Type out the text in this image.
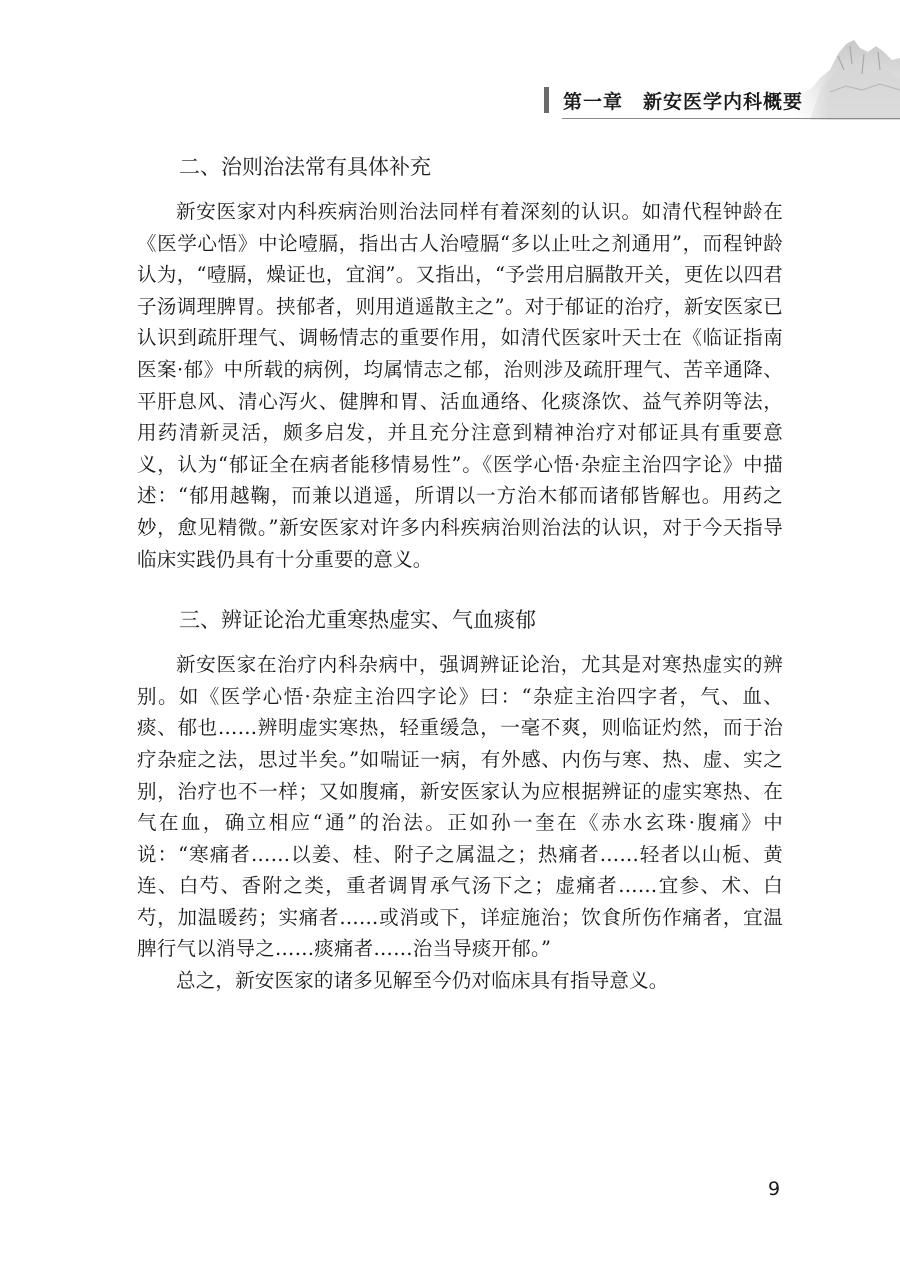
第一章　新安医学内科概要
二、治则治法常有具体补充

新安医家对内科疾病治则治法同样有着深刻的认识。如清代程钟龄在《医学心悟》中论噎膈，指出古人治噎膈“多以止吐之剂通用”，而程钟龄认为，“噎膈，燥证也，宜润”。又指出，“予尝用启膈散开关，更佐以四君子汤调理脾胃。挟郁者，则用逍遥散主之”。对于郁证的治疗，新安医家已认识到疏肝理气、调畅情志的重要作用，如清代医家叶天士在《临证指南医案·郁》中所载的病例，均属情志之郁，治则涉及疏肝理气、苦辛通降、平肝息风、清心泻火、健脾和胃、活血通络、化痰涤饮、益气养阴等法，用药清新灵活，颇多启发，并且充分注意到精神治疗对郁证具有重要意义，认为“郁证全在病者能移情易性”。《医学心悟·杂症主治四字论》中描述：“郁用越鞠，而兼以逍遥，所谓以一方治木郁而诸郁皆解也。用药之妙，愈见精微。”新安医家对许多内科疾病治则治法的认识，对于今天指导临床实践仍具有十分重要的意义。

三、辨证论治尤重寒热虚实、气血痰郁

新安医家在治疗内科杂病中，强调辨证论治，尤其是对寒热虚实的辨别。如《医学心悟·杂症主治四字论》曰：“杂症主治四字者，气、血、痰、郁也……辨明虚实寒热，轻重缓急，一毫不爽，则临证灼然，而于治疗杂症之法，思过半矣。”如喘证一病，有外感、内伤与寒、热、虚、实之别，治疗也不一样；又如腹痛，新安医家认为应根据辨证的虚实寒热、在气在血，确立相应“通”的治法。正如孙一奎在《赤水玄珠·腹痛》中说：“寒痛者……以姜、桂、附子之属温之；热痛者……轻者以山栀、黄连、白芍、香附之类，重者调胃承气汤下之；虚痛者……宜参、术、白芍，加温暖药；实痛者……或消或下，详症施治；饮食所伤作痛者，宜温脾行气以消导之……痰痛者……治当导痰开郁。”

总之，新安医家的诸多见解至今仍对临床具有指导意义。

9
